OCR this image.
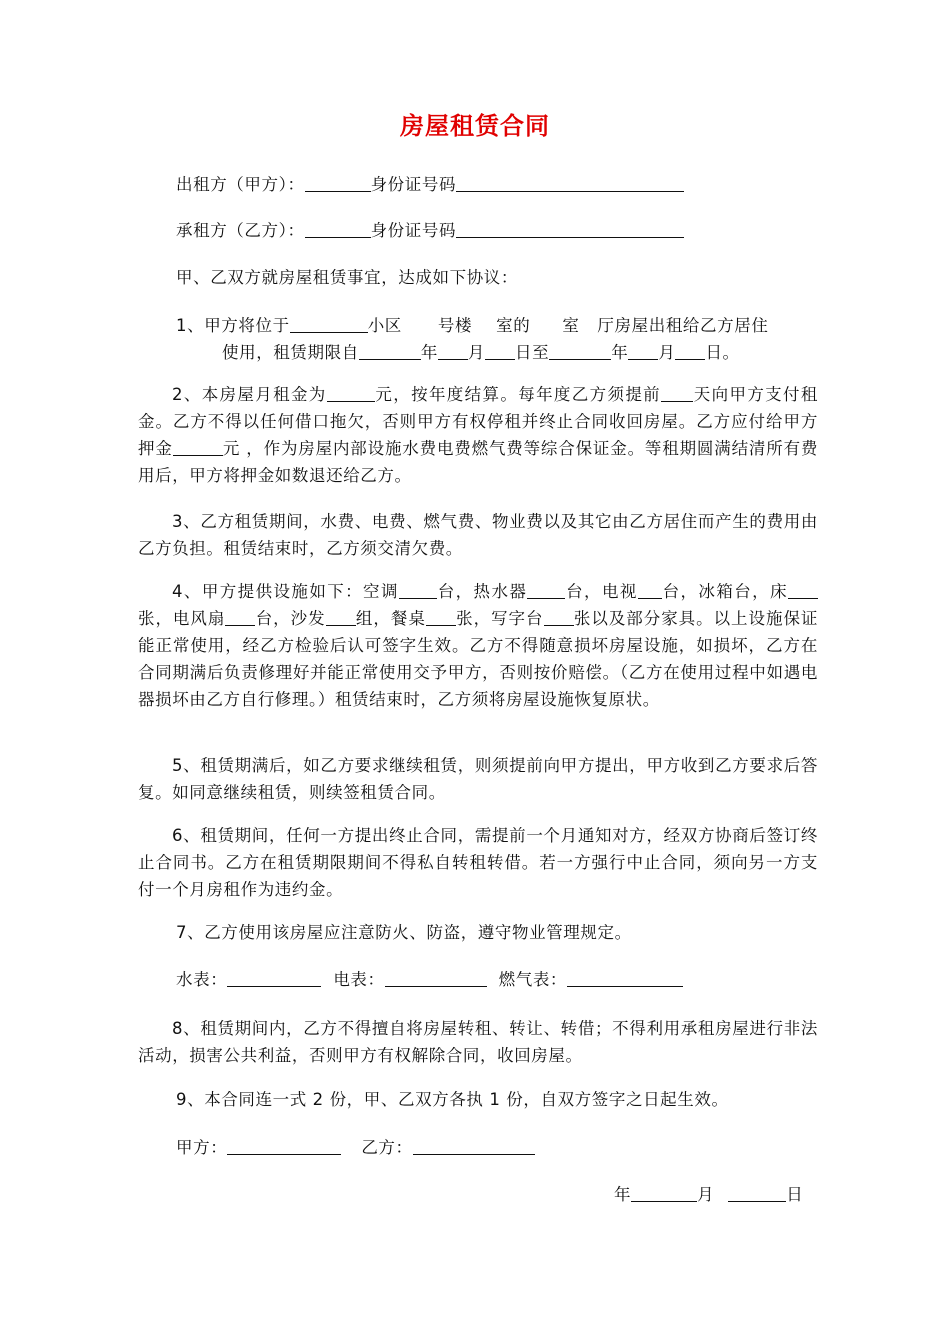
房屋租赁合同
出租方（甲方）：	身份证号码
承租方（乙方）：	身份证号码
甲、乙双方就房屋租赁事宜，达成如下协议：
1、甲方将位于	小区 号楼 室的 室 厅房屋出租给乙方居住
使用，租赁期限自	年 月 日至	年 月 日。
2、本房屋月租金为	元，按年度结算。每年度乙方须提前 天向甲方支付租金。乙方不得以任何借口拖欠，否则甲方有权停租并终止合同收回房屋。乙方应付给甲方押金	元 ，作为房屋内部设施水费电费燃气费等综合保证金。等租期圆满结清所有费用后，甲方将押金如数退还给乙方。
3、乙方租赁期间，水费、电费、燃气费、物业费以及其它由乙方居住而产生的费用由乙方负担。租赁结束时，乙方须交清欠费。
4、甲方提供设施如下：空调 台，热水器 台，电视 台，冰箱台，床张，电风扇 台，沙发 组，餐桌 张，写字台 张以及部分家具。以上设施保证能正常使用，经乙方检验后认可签字生效。乙方不得随意损坏房屋设施，如损坏，乙方在合同期满后负责修理好并能正常使用交予甲方，否则按价赔偿。（乙方在使用过程中如遇电器损坏由乙方自行修理。）租赁结束时，乙方须将房屋设施恢复原状。
5、租赁期满后，如乙方要求继续租赁，则须提前向甲方提出，甲方收到乙方要求后答复。如同意继续租赁，则续签租赁合同。
6、租赁期间，任何一方提出终止合同，需提前一个月通知对方，经双方协商后签订终止合同书。乙方在租赁期限期间不得私自转租转借。若一方强行中止合同，须向另一方支付一个月房租作为违约金。
7、乙方使用该房屋应注意防火、防盗，遵守物业管理规定。
水表：	电表：	燃气表：
8、租赁期间内，乙方不得擅自将房屋转租、转让、转借；不得利用承租房屋进行非法活动，损害公共利益，否则甲方有权解除合同，收回房屋。
9、本合同连一式 2 份，甲、乙双方各执 1 份，自双方签字之日起生效。
甲方：	乙方：
年	月	日
